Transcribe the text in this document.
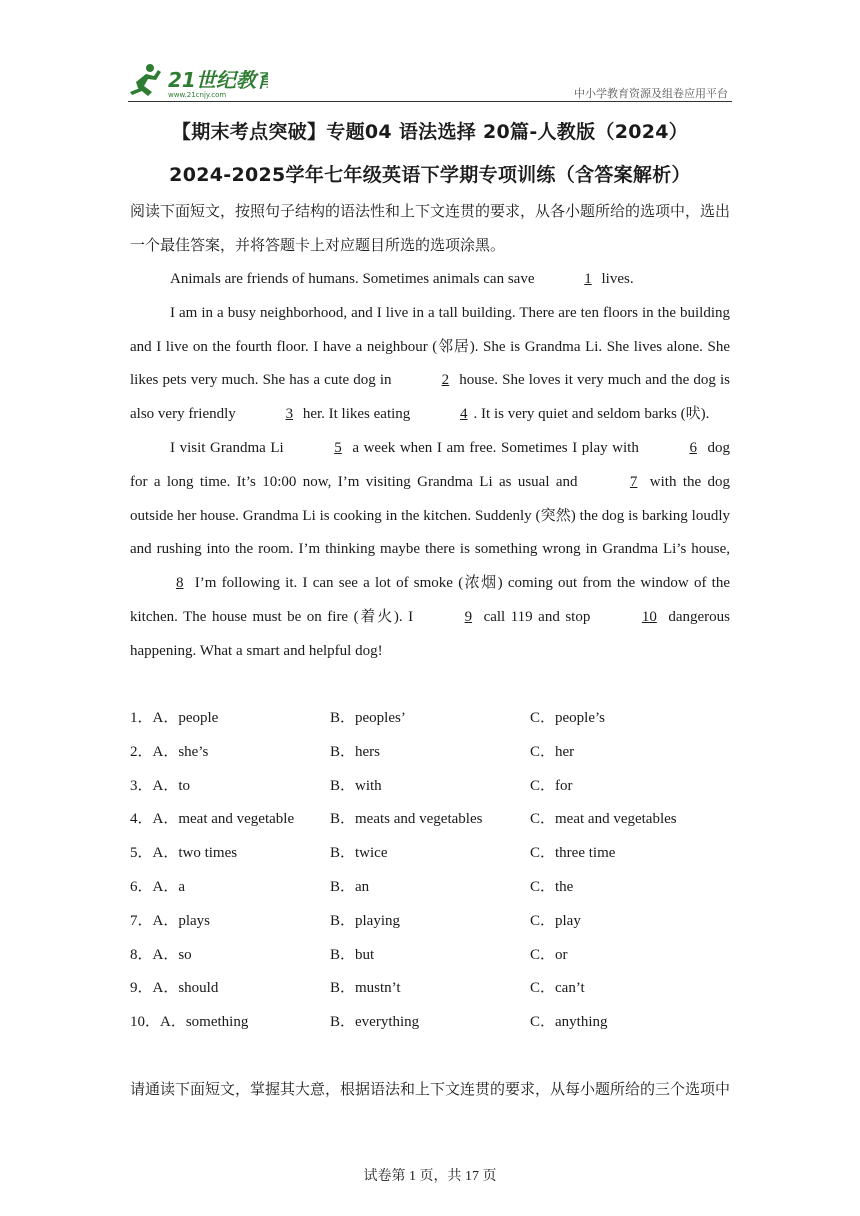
21世纪教育
www.21cnjy.com	中小学教育资源及组卷应用平台
【期末考点突破】专题04 语法选择 20篇-人教版（2024）
2024-2025学年七年级英语下学期专项训练（含答案解析）
阅读下面短文，按照句子结构的语法性和上下文连贯的要求，从各小题所给的选项中，选出一个最佳答案，并将答题卡上对应题目所选的选项涂黑。

Animals are friends of humans. Sometimes animals can save	1 lives.

I am in a busy neighborhood, and I live in a tall building. There are ten floors in the building and I live on the fourth floor. I have a neighbour (邻居). She is Grandma Li. She lives alone. She likes pets very much. She has a cute dog in	2 house. She loves it very much and the dog is also very friendly	3 her. It likes eating	4 . It is very quiet and seldom barks (吠).

I visit Grandma Li	5 a week when I am free. Sometimes I play with	6 dog for a long time. It’s 10:00 now, I’m visiting Grandma Li as usual and	7 with the dog outside her house. Grandma Li is cooking in the kitchen. Suddenly (突然) the dog is barking loudly and rushing into the room. I’m thinking maybe there is something wrong in Grandma Li’s house, 8 I’m following it. I can see a lot of smoke (浓烟) coming out from the window of the kitchen. The house must be on fire (着火). I	9 call 119 and stop	10 dangerous happening. What a smart and helpful dog!

1．A．people	B．peoples’	C．people’s
2．A．she’s	B．hers	C．her
3．A．to	B．with	C．for
4．A．meat and vegetable B．meats and vegetables	C．meat and vegetables
5．A．two times	B．twice	C．three time
6．A．a	B．an	C．the
7．A．plays	B．playing	C．play
8．A．so	B．but	C．or
9．A．should	B．mustn’t	C．can’t
10．A．something	B．everything	C．anything
请通读下面短文，掌握其大意，根据语法和上下文连贯的要求，从每小题所给的三个选项中
试卷第 1 页，共 17 页
